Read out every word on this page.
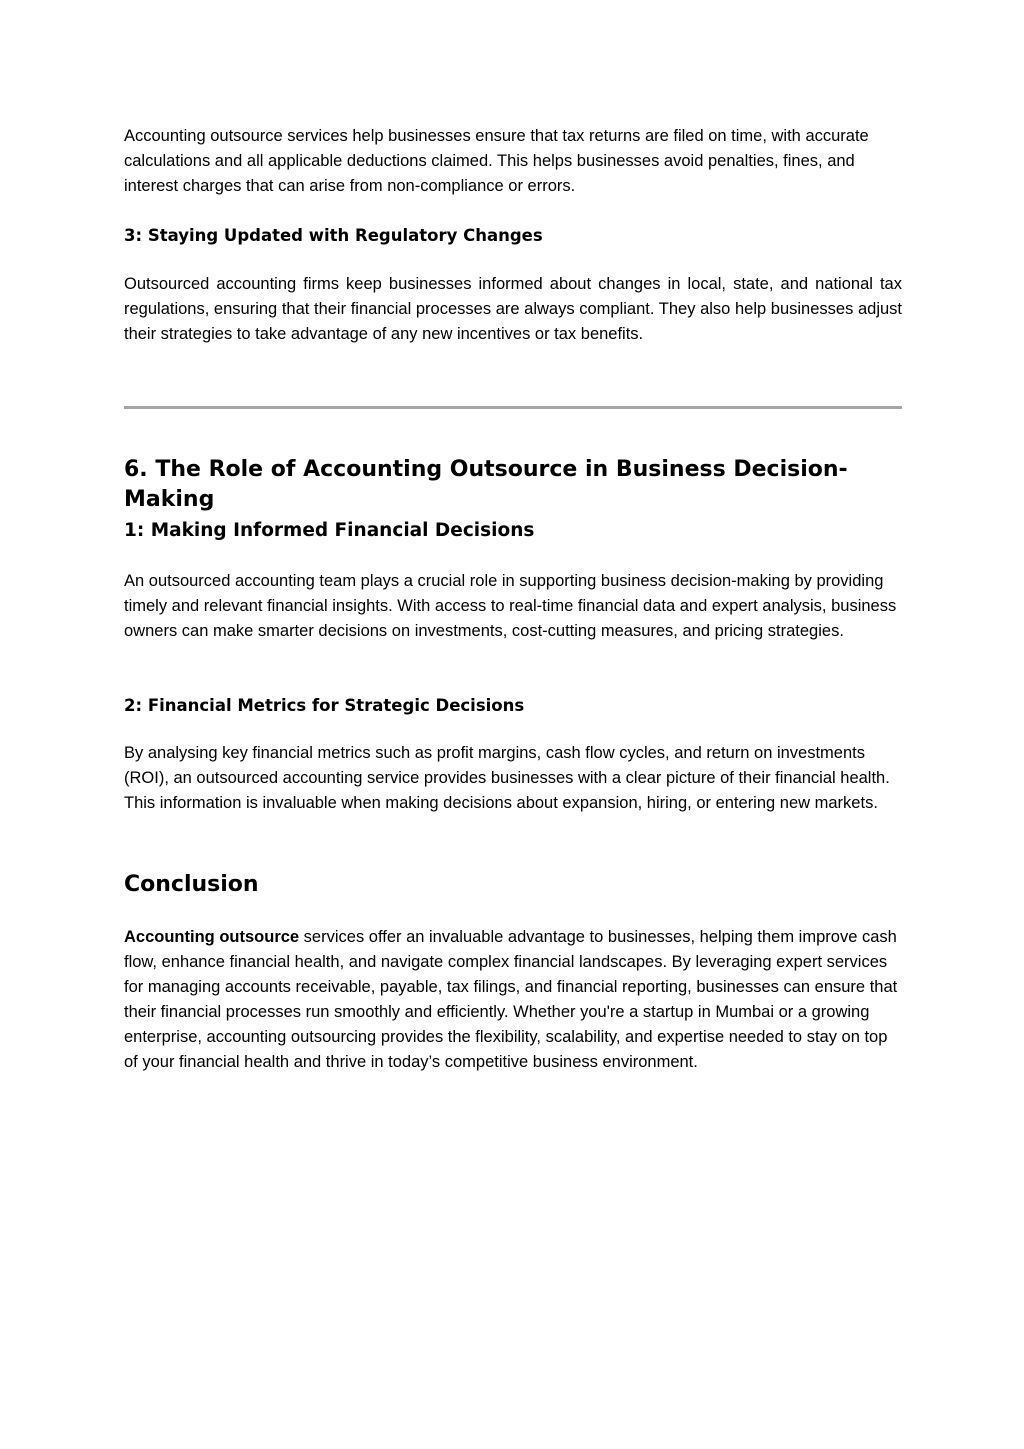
Accounting outsource services help businesses ensure that tax returns are filed on time, with accurate calculations and all applicable deductions claimed. This helps businesses avoid penalties, fines, and interest charges that can arise from non-compliance or errors.

3: Staying Updated with Regulatory Changes

Outsourced accounting firms keep businesses informed about changes in local, state, and national tax regulations, ensuring that their financial processes are always compliant. They also help businesses adjust their strategies to take advantage of any new incentives or tax benefits.

6. The Role of Accounting Outsource in Business Decision-Making
1: Making Informed Financial Decisions

An outsourced accounting team plays a crucial role in supporting business decision-making by providing timely and relevant financial insights. With access to real-time financial data and expert analysis, business owners can make smarter decisions on investments, cost-cutting measures, and pricing strategies.

2: Financial Metrics for Strategic Decisions

By analysing key financial metrics such as profit margins, cash flow cycles, and return on investments (ROI), an outsourced accounting service provides businesses with a clear picture of their financial health. This information is invaluable when making decisions about expansion, hiring, or entering new markets.

Conclusion

Accounting outsource services offer an invaluable advantage to businesses, helping them improve cash flow, enhance financial health, and navigate complex financial landscapes. By leveraging expert services for managing accounts receivable, payable, tax filings, and financial reporting, businesses can ensure that their financial processes run smoothly and efficiently. Whether you're a startup in Mumbai or a growing enterprise, accounting outsourcing provides the flexibility, scalability, and expertise needed to stay on top of your financial health and thrive in today’s competitive business environment.
